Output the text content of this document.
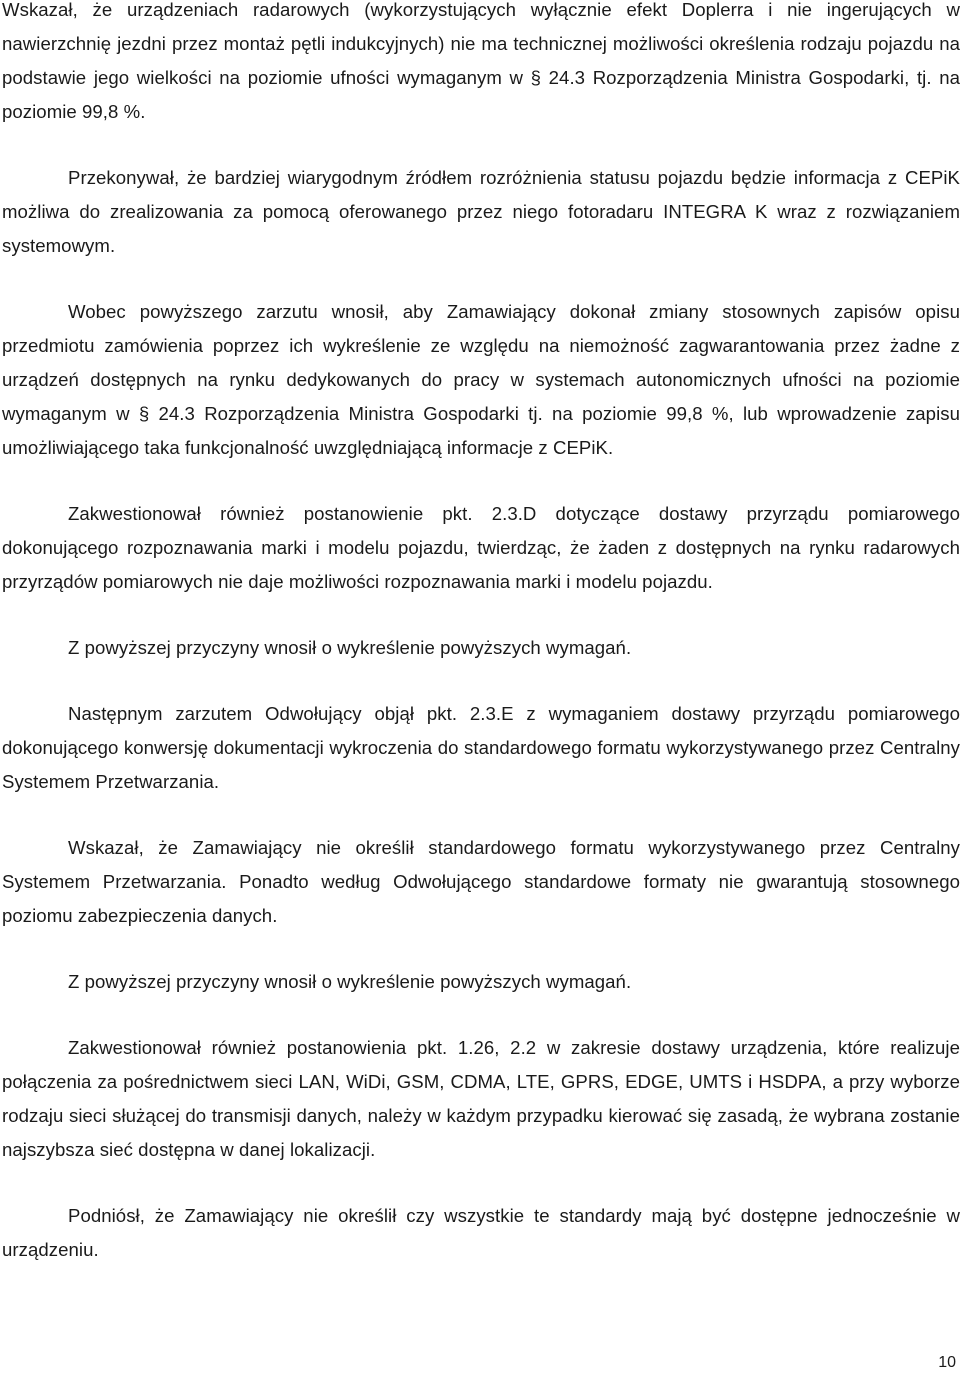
Wskazał, że urządzeniach radarowych (wykorzystujących wyłącznie efekt Doplerra i nie ingerujących w nawierzchnię jezdni przez montaż pętli indukcyjnych) nie ma technicznej możliwości określenia rodzaju pojazdu na podstawie jego wielkości na poziomie ufności wymaganym w § 24.3 Rozporządzenia Ministra Gospodarki, tj. na poziomie 99,8 %.

Przekonywał, że bardziej wiarygodnym źródłem rozróżnienia statusu pojazdu będzie informacja z CEPiK możliwa do zrealizowania za pomocą oferowanego przez niego fotoradaru INTEGRA K wraz z rozwiązaniem systemowym.

Wobec powyższego zarzutu wnosił, aby Zamawiający dokonał zmiany stosownych zapisów opisu przedmiotu zamówienia poprzez ich wykreślenie ze względu na niemożność zagwarantowania przez żadne z urządzeń dostępnych na rynku dedykowanych do pracy w systemach autonomicznych ufności na poziomie wymaganym w § 24.3 Rozporządzenia Ministra Gospodarki tj. na poziomie 99,8 %, lub wprowadzenie zapisu umożliwiającego taka funkcjonalność uwzględniającą informacje z CEPiK.

Zakwestionował również postanowienie pkt. 2.3.D dotyczące dostawy przyrządu pomiarowego dokonującego rozpoznawania marki i modelu pojazdu, twierdząc, że żaden z dostępnych na rynku radarowych przyrządów pomiarowych nie daje możliwości rozpoznawania marki i modelu pojazdu.

Z powyższej przyczyny wnosił o wykreślenie powyższych wymagań.

Następnym zarzutem Odwołujący objął pkt. 2.3.E z wymaganiem dostawy przyrządu pomiarowego dokonującego konwersję dokumentacji wykroczenia do standardowego formatu wykorzystywanego przez Centralny Systemem Przetwarzania.

Wskazał, że Zamawiający nie określił standardowego formatu wykorzystywanego przez Centralny Systemem Przetwarzania. Ponadto według Odwołującego standardowe formaty nie gwarantują stosownego poziomu zabezpieczenia danych.

Z powyższej przyczyny wnosił o wykreślenie powyższych wymagań.

Zakwestionował również postanowienia pkt. 1.26, 2.2 w zakresie dostawy urządzenia, które realizuje połączenia za pośrednictwem sieci LAN, WiDi, GSM, CDMA, LTE, GPRS, EDGE, UMTS i HSDPA, a przy wyborze rodzaju sieci służącej do transmisji danych, należy w każdym przypadku kierować się zasadą, że wybrana zostanie najszybsza sieć dostępna w danej lokalizacji.

Podniósł, że Zamawiający nie określił czy wszystkie te standardy mają być dostępne jednocześnie w urządzeniu.

10
